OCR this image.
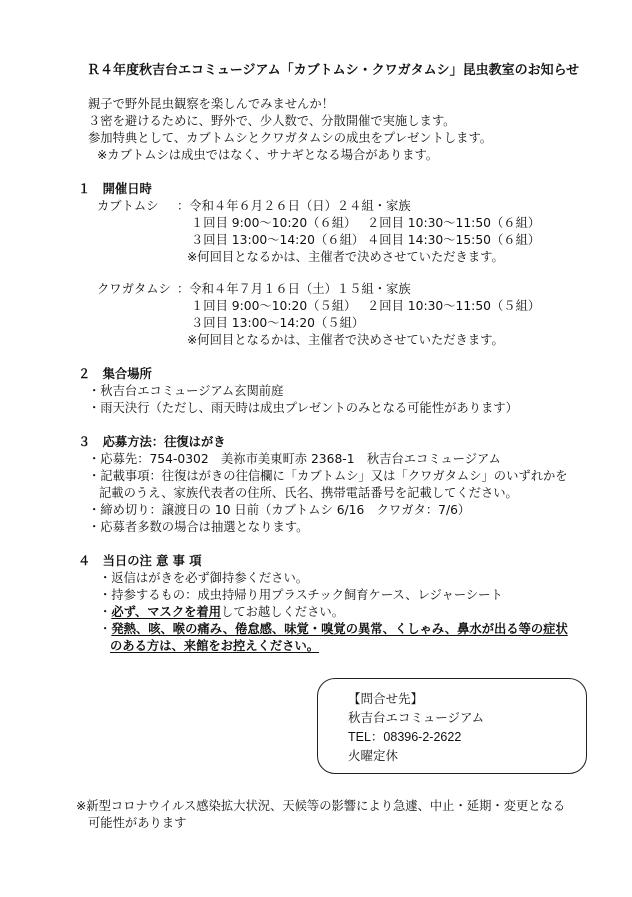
Ｒ４年度秋吉台エコミュージアム「カブトムシ・クワガタムシ」昆虫教室のお知らせ
親子で野外昆虫観察を楽しんでみませんか！
３密を避けるために、野外で、少人数で、分散開催で実施します。
参加特典として、カブトムシとクワガタムシの成虫をプレゼントします。
※カブトムシは成虫ではなく、サナギとなる場合があります。
１　開催日時
カブトムシ ：令和４年６月２６日（日）２４組・家族
１回目 9:00～10:20（６組） ２回目 10:30～11:50（６組）
３回目 13:00～14:20（６組） ４回目 14:30～15:50（６組）
※何回目となるかは、主催者で決めさせていただきます。
クワガタムシ ：令和４年７月１６日（土）１５組・家族
１回目 9:00～10:20（５組） ２回目 10:30～11:50（５組）
３回目 13:00～14:20（５組）
※何回目となるかは、主催者で決めさせていただきます。
２　集合場所
・秋吉台エコミュージアム玄関前庭
・雨天決行（ただし、雨天時は成虫プレゼントのみとなる可能性があります）
３　応募方法：往復はがき
・応募先：754-0302　美祢市美東町赤 2368-1　秋吉台エコミュージアム
・記載事項：往復はがきの往信欄に「カブトムシ」又は「クワガタムシ」のいずれかを
記載のうえ、家族代表者の住所、氏名、携帯電話番号を記載してください。
・締め切り：譲渡日の 10 日前（カブトムシ 6/16　クワガタ：7/6）
・応募者多数の場合は抽選となります。
４　当日の注 意 事 項
・返信はがきを必ず御持参ください。
・持参するもの：成虫持帰り用プラスチック飼育ケース、レジャーシート
・必ず、マスクを着用してお越しください。
・発熱、咳、喉の痛み、倦怠感、味覚・嗅覚の異常、くしゃみ、鼻水が出る等の症状
のある方は、来館をお控えください。
【問合せ先】
秋吉台エコミュージアム
TEL：08396-2-2622
火曜定休
※新型コロナウイルス感染拡大状況、天候等の影響により急遽、中止・延期・変更となる
可能性があります
